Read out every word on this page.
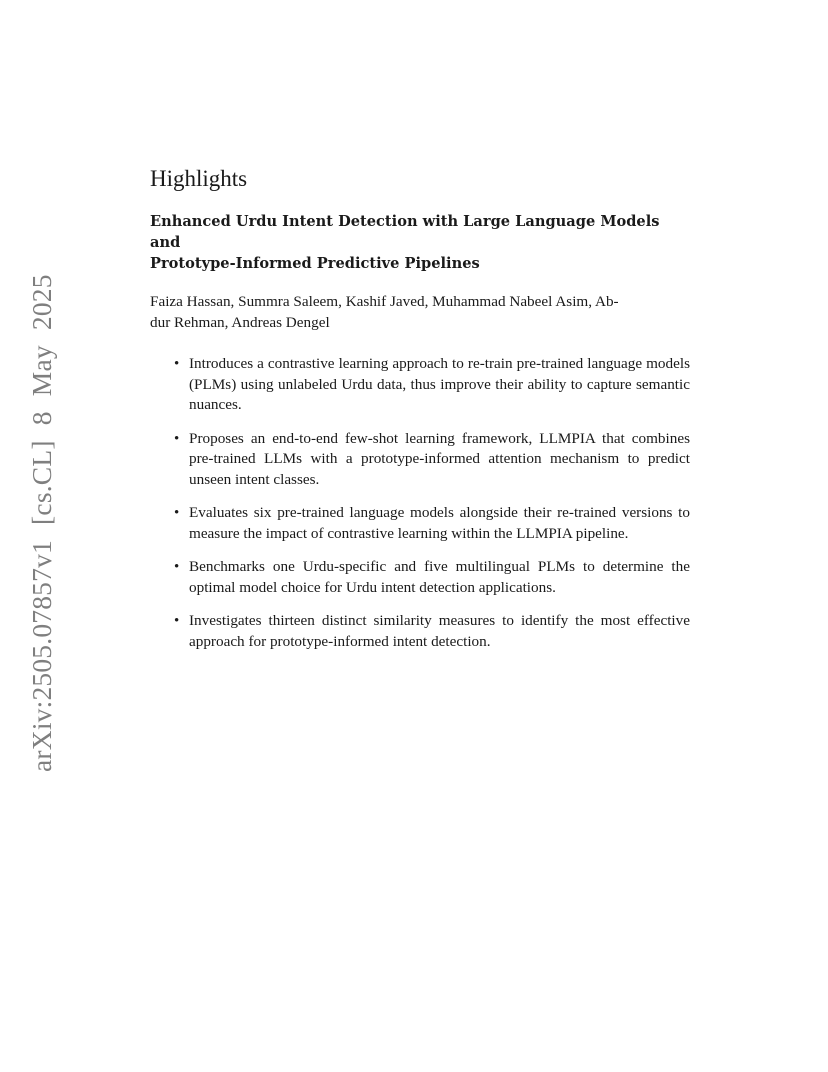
arXiv:2505.07857v1 [cs.CL] 8 May 2025
Highlights
Enhanced Urdu Intent Detection with Large Language Models and
Prototype-Informed Predictive Pipelines
Faiza Hassan, Summra Saleem, Kashif Javed, Muhammad Nabeel Asim, Ab-
dur Rehman, Andreas Dengel
• Introduces a contrastive learning approach to re-train pre-trained language models (PLMs) using unlabeled Urdu data, thus improve their ability to capture semantic nuances.
• Proposes an end-to-end few-shot learning framework, LLMPIA that combines pre-trained LLMs with a prototype-informed attention mechanism to predict unseen intent classes.
• Evaluates six pre-trained language models alongside their re-trained versions to measure the impact of contrastive learning within the LLMPIA pipeline.
• Benchmarks one Urdu-specific and five multilingual PLMs to determine the optimal model choice for Urdu intent detection applications.
• Investigates thirteen distinct similarity measures to identify the most effective approach for prototype-informed intent detection.
